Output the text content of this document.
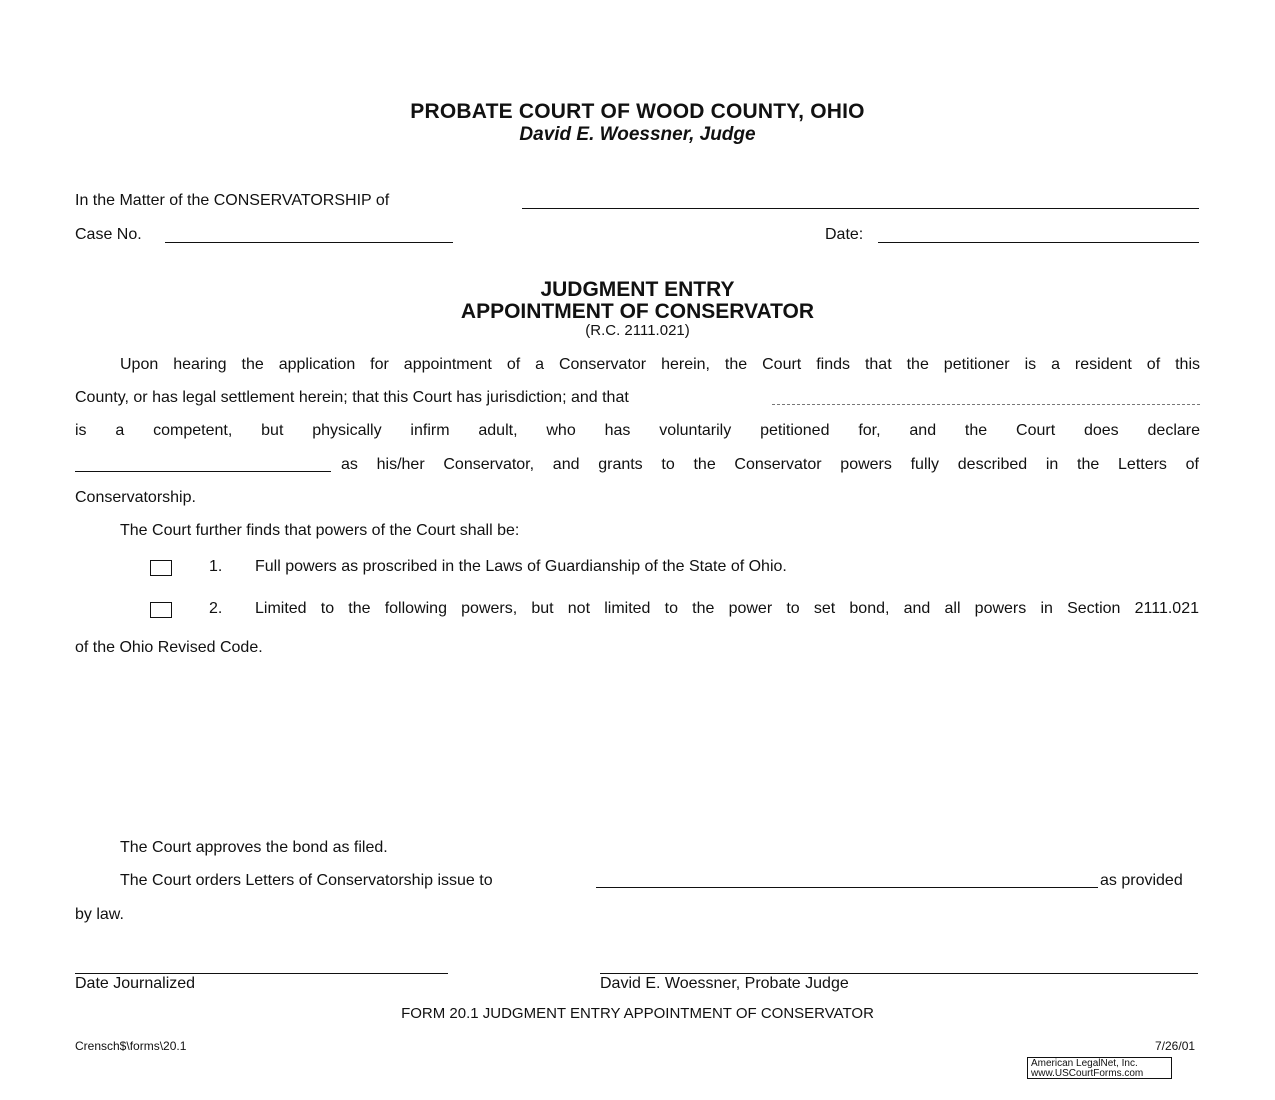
PROBATE COURT OF WOOD COUNTY, OHIO
David E. Woessner, Judge
In the Matter of the CONSERVATORSHIP of
Case No.	Date:
JUDGMENT ENTRY
APPOINTMENT OF CONSERVATOR
(R.C. 2111.021)
Upon hearing the application for appointment of a Conservator herein, the Court finds that the petitioner is a resident of this
County, or has legal settlement herein; that this Court has jurisdiction; and that
is a competent, but physically infirm adult, who has voluntarily petitioned for, and the Court does declare
as his/her Conservator, and grants to the Conservator powers fully described in the Letters of
Conservatorship.
The Court further finds that powers of the Court shall be:
1. Full powers as proscribed in the Laws of Guardianship of the State of Ohio.
2. Limited to the following powers, but not limited to the power to set bond, and all powers in Section 2111.021
of the Ohio Revised Code.
The Court approves the bond as filed.
The Court orders Letters of Conservatorship issue to	as provided
by law.
Date Journalized	David E. Woessner, Probate Judge
FORM 20.1 JUDGMENT ENTRY APPOINTMENT OF CONSERVATOR
Crensch$\forms\20.1	7/26/01
American LegalNet, Inc.
www.USCourtForms.com
